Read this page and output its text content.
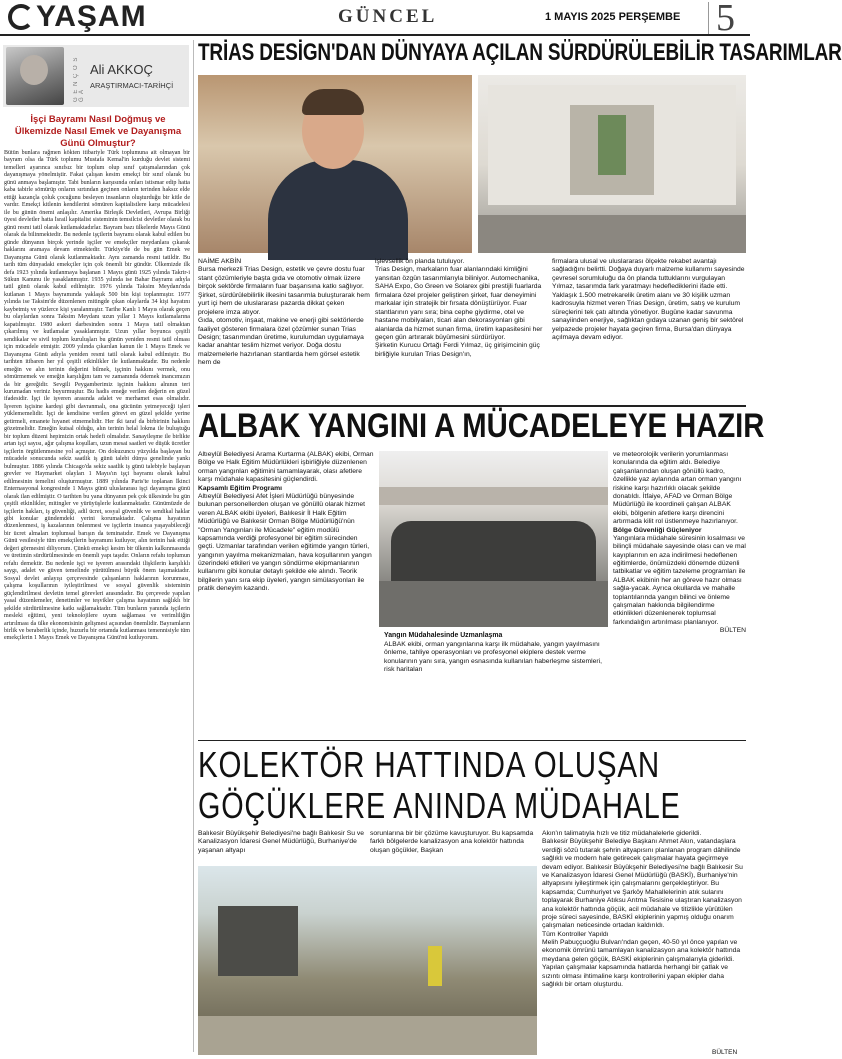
YAŞAM	GÜNCEL	1 MAYIS 2025 PERŞEMBE 5
G E N Ç O S G A
Ali AKKOÇ
ARAŞTIRMACI-TARİHÇİ
İşçi Bayramı Nasıl Doğmuş ve Ülkemizde Nasıl Emek ve Dayanışma Günü Olmuştur?
Bütün bunlara rağmen kökten itibariyle Türk toplumuna ait olmayan bir bayram olsa da Türk toplumu Mustafa Kemal'in kurduğu devlet sistemi temelleri ayarınca sınıfsız bir toplum olup sınıf çatışmalarından çok dayanışmaya yönelmiştir. Fakat çalışan kesim emekçi bir sınıf olarak bu günü anmaya başlamıştır. Tabi bunların karşısında onları istismar edip hatta kaba tabirle sömürüp onların sırtından geçinen onların terinden haksız elde ettiği kazançla çoluk çocuğunu besleyen insanların oluşturduğu bir kitle de vardır. Emekçi kitlenin kendilerini sömüren kapitalistlere karşı mücadelesi ile bu günün önemi anlaşılır. Amerika Birleşik Devletleri, Avrupa Birliği üyesi devletler hatta İsrail kapitalist sisteminin temsilcisi devletler olarak bu günü resmi tatil olarak kutlamaktadırlar. Bayram bazı ülkelerde Mayıs Günü olarak da bilinmektedir. Bu nedenle işçilerin bayramı olarak kabul edilen bu günde dünyanın birçok yerinde işçiler ve emekçiler meydanlara çıkarak haklarını aramaya devam etmektedir. Türkiye'de de bu gün Emek ve Dayanışma Günü olarak kutlanmaktadır. Aynı zamanda resmi tatildir. Bu tarih tüm dünyadaki emekçiler için çok önemli bir gündür. Ülkemizde ilk defa 1923 yılında kutlanmaya başlanan 1 Mayıs günü 1925 yılında Takrir-i Sükun Kanunu ile yasaklanmıştır. 1935 yılında ise Bahar Bayramı adıyla tatil günü olarak kabul edilmiştir. 1976 yılında Taksim Meydanı'nda kutlanan 1 Mayıs bayramında yaklaşık 500 bin kişi toplanmıştır. 1977 yılında ise Taksim'de düzenlenen mitingde çıkan olaylarda 34 kişi hayatını kaybetmiş ve yüzlerce kişi yaralanmıştır. Tarihe Kanlı 1 Mayıs olarak geçen bu olaylardan sonra Taksim Meydanı uzun yıllar 1 Mayıs kutlamalarına kapatılmıştır. 1980 askeri darbesinden sonra 1 Mayıs tatil olmaktan çıkarılmış ve kutlamalar yasaklanmıştır. Uzun yıllar boyunca çeşitli sendikalar ve sivil toplum kuruluşları bu günün yeniden resmi tatil olması için mücadele etmiştir. 2009 yılında çıkarılan kanun ile 1 Mayıs Emek ve Dayanışma Günü adıyla yeniden resmi tatil olarak kabul edilmiştir. Bu tarihten itibaren her yıl çeşitli etkinlikler ile kutlanmaktadır. Bu nedenle emeğin ve alın terinin değerini bilmek, işçinin hakkını vermek, onu sömürmemek ve emeğin karşılığını tam ve zamanında ödemek inancımızın da bir gereğidir. Sevgili Peygamberimiz işçinin hakkını alnının teri kurumadan veriniz buyurmuştur. Bu hadis emeğe verilen değerin en güzel ifadesidir. İşçi ile işveren arasında adalet ve merhamet esas olmalıdır. İşveren işçisine kardeşi gibi davranmalı, ona gücünün yetmeyeceği işleri yüklememelidir. İşçi de kendisine verilen görevi en güzel şekilde yerine getirmeli, emanete hıyanet etmemelidir. Her iki taraf da birbirinin hakkını gözetmelidir. Emeğin kutsal olduğu, alın terinin helal lokma ile buluştuğu bir toplum düzeni hepimizin ortak hedefi olmalıdır. Sanayileşme ile birlikte artan işçi sayısı, ağır çalışma koşulları, uzun mesai saatleri ve düşük ücretler işçilerin örgütlenmesine yol açmıştır. On dokuzuncu yüzyılda başlayan bu mücadele sonucunda sekiz saatlik iş günü talebi dünya genelinde yankı bulmuştur. 1886 yılında Chicago'da sekiz saatlik iş günü talebiyle başlayan grevler ve Haymarket olayları 1 Mayıs'ın işçi bayramı olarak kabul edilmesinin temelini oluşturmuştur. 1889 yılında Paris'te toplanan İkinci Enternasyonal kongresinde 1 Mayıs günü uluslararası işçi dayanışma günü olarak ilan edilmiştir. O tarihten bu yana dünyanın pek çok ülkesinde bu gün çeşitli etkinlikler, mitingler ve yürüyüşlerle kutlanmaktadır. Günümüzde de işçilerin hakları, iş güvenliği, adil ücret, sosyal güvenlik ve sendikal haklar gibi konular gündemdeki yerini korumaktadır. Çalışma hayatının düzenlenmesi, iş kazalarının önlenmesi ve işçilerin insanca yaşayabileceği bir ücret almaları toplumsal barışın da teminatıdır. Emek ve Dayanışma Günü vesilesiyle tüm emekçilerin bayramını kutluyor, alın terinin hak ettiği değeri görmesini diliyorum. Çünkü emekçi kesim bir ülkenin kalkınmasında ve üretimin sürdürülmesinde en önemli yapı taşıdır. Onların refahı toplumun refahı demektir. Bu nedenle işçi ve işveren arasındaki ilişkilerin karşılıklı saygı, adalet ve güven temelinde yürütülmesi büyük önem taşımaktadır. Sosyal devlet anlayışı çerçevesinde çalışanların haklarının korunması, çalışma koşullarının iyileştirilmesi ve sosyal güvenlik sisteminin güçlendirilmesi devletin temel görevleri arasındadır. Bu çerçevede yapılan yasal düzenlemeler, denetimler ve teşvikler çalışma hayatının sağlıklı bir şekilde sürdürülmesine katkı sağlamaktadır. Tüm bunların yanında işçilerin mesleki eğitimi, yeni teknolojilere uyum sağlaması ve verimliliğin artırılması da ülke ekonomisinin gelişmesi açısından önemlidir. Bayramların birlik ve beraberlik içinde, huzurlu bir ortamda kutlanması temennisiyle tüm emekçilerin 1 Mayıs Emek ve Dayanışma Günü'nü kutluyorum.
TRİAS DESİGN'DAN DÜNYAYA AÇILAN SÜRDÜRÜLEBİLİR TASARIMLAR

NAİME AKBİN

Bursa merkezli Trias Design, estetik ve çevre dostu fuar stant çözümleriyle başta gıda ve otomotiv olmak üzere birçok sektörde firmaların fuar başarısına katkı sağlıyor. Şirket, sürdürülebilirlik ilkesini tasarımla buluşturarak hem yurt içi hem de uluslararası pazarda dikkat çeken projelere imza atıyor.
Gıda, otomotiv, inşaat, makine ve enerji gibi sektörlerde faaliyet gösteren firmalara özel çözümler sunan Trias Design; tasarımından üretime, kurulumdan uygulamaya kadar anahtar teslim hizmet veriyor. Doğa dostu malzemelerle hazırlanan stantlarda hem görsel estetik hem de

işlevsellik ön planda tutuluyor.
Trias Design, markaların fuar alanlarındaki kimliğini yansıtan özgün tasarımlarıyla biliniyor. Automechanika, SAHA Expo, Go Green ve Solarex gibi prestijli fuarlarda firmalara özel projeler geliştiren şirket, fuar deneyimini markalar için stratejik bir fırsata dönüştürüyor. Fuar stantlarının yanı sıra; bina cephe giydirme, otel ve hastane mobilyaları, ticari alan dekorasyonları gibi alanlarda da hizmet sunan firma, üretim kapasitesini her geçen gün artırarak büyümesini sürdürüyor.
Şirketin Kurucu Ortağı Ferdi Yılmaz, üç girişimcinin güç birliğiyle kurulan Trias Design'ın,
firmalara ulusal ve uluslararası ölçekte rekabet avantajı sağladığını belirtti. Doğaya duyarlı malzeme kullanımı sayesinde çevresel sorumluluğu da ön planda tuttuklarını vurgulayan Yılmaz, tasarımda fark yaratmayı hedeflediklerini ifade etti.
Yaklaşık 1.500 metrekarelik üretim alanı ve 30 kişilik uzman kadrosuyla hizmet veren Trias Design, üretim, satış ve kurulum süreçlerini tek çatı altında yönetiyor. Bugüne kadar savunma sanayiinden enerjiye, sağlıktan gıdaya uzanan geniş bir sektörel yelpazede projeler hayata geçiren firma, Bursa'dan dünyaya açılmaya devam ediyor.
ALBAK YANGINI A MÜCADELEYE HAZIR

Altıeylül Belediyesi Arama Kurtarma (ALBAK) ekibi, Orman Bölge ve Halk Eğitim Müdürlükleri işbirliğiyle düzenlenen orman yangınları eğitimini tamamlayarak, olası afetlere karşı müdahale kapasitesini güçlendirdi.

Kapsamlı Eğitim Programı

Altıeylül Belediyesi Afet İşleri Müdürlüğü bünyesinde bulunan personellerden oluşan ve gönüllü olarak hizmet veren ALBAK ekibi üyeleri, Balıkesir İl Halk Eğitim Müdürlüğü ve Balıkesir Orman Bölge Müdürlüğü'nün "Orman Yangınları ile Mücadele" eğitim modülü kapsamında verdiği profesyonel bir eğitim sürecinden geçti. Uzmanlar tarafından verilen eğitimde yangın türleri, yangının yayılma mekanizmaları, hava koşullarının yangın üzerindeki etkileri ve yangın söndürme ekipmanlarının kullanımı gibi konular detaylı şekilde ele alındı. Teorik bilgilerin yanı sıra ekip üyeleri, yangın simülasyonları ile pratik deneyim kazandı.

Yangın Müdahalesinde Uzmanlaşma
ALBAK ekibi, orman yangınlarına karşı ilk müdahale, yangın yayılmasını önleme, tahliye operasyonları ve profesyonel ekiplere destek verme konularının yanı sıra, yangın esnasında kullanılan haberleşme sistemleri, risk haritaları

ve meteorolojik verilerin yorumlanması konularında da eğitim aldı. Belediye çalışanlarından oluşan gönüllü kadro, özellikle yaz aylarında artan orman yangını riskine karşı hazırlıklı olacak şekilde donatıldı. İtfaiye, AFAD ve Orman Bölge Müdürlüğü ile koordineli çalışan ALBAK ekibi, bölgenin afetlere karşı direncini artırmada kilit rol üstlenmeye hazırlanıyor.

Bölge Güvenliği Güçleniyor

Yangınlara müdahale süresinin kısalması ve bilinçli müdahale sayesinde olası can ve mal kayıplarının en aza indirilmesi hedeflenen eğitimlerde, önümüzdeki dönemde düzenli tatbikatlar ve eğitim tazeleme programları ile ALBAK ekibinin her an göreve hazır olması sağla-yacak. Ayrıca okullarda ve mahalle toplantılarında yangın bilinci ve önleme çalışmaları hakkında bilgilendirme etkinlikleri düzenlenerek toplumsal farkındalığın artırılması planlanıyor.

BÜLTEN

KOLEKTÖR HATTINDA OLUŞAN
GÖÇÜKLERE ANINDA MÜDAHALE
Balıkesir Büyükşehir Belediyesi'ne bağlı Balıkesir Su ve Kanalizasyon İdaresi Genel Müdürlüğü, Burhaniye'de yaşanan altyapı
sorunlarına bir bir çözüme kavuşturuyor. Bu kapsamda farklı bölgelerde kanalizasyon ana kolektör hattında oluşan göçükler, Başkan
Akın'ın talimatıyla hızlı ve titiz müdahalelerle giderildi.
Balıkesir Büyükşehir Belediye Başkanı Ahmet Akın, vatandaşlara verdiği sözü tutarak şehrin altyapısını planlanan program dâhilinde sağlıklı ve modern hale getirecek çalışmalar hayata geçirmeye devam ediyor. Balıkesir Büyükşehir Belediyesi'ne bağlı Balıkesir Su ve Kanalizasyon İdaresi Genel Müdürlüğü (BASKİ), Burhaniye'nin altyapısını iyileştirmek için çalışmalarını gerçekleştiriyor. Bu kapsamda; Cumhuriyet ve Şarköy Mahallelerinin atık sularını toplayarak Burhaniye Atıksu Arıtma Tesisine ulaştıran kanalizasyon ana kolektör hattında göçük, acil müdahale ve titizlikle yürütülen proje süreci sayesinde, BASKİ ekiplerinin yapmış olduğu onarım çalışmaları neticesinde ortadan kaldırıldı.
Tüm Kontroller Yapıldı
Melih Pabuççuoğlu Bulvarı'ndan geçen, 40-50 yıl önce yapılan ve ekonomik ömrünü tamamlayan kanalizasyon ana kolektör hattında meydana gelen göçük, BASKİ ekiplerinin çalışmalarıyla giderildi. Yapılan çalışmalar kapsamında hatlarda herhangi bir çatlak ve sızıntı olması ihtimaline karşı kontrollerini yapan ekipler daha sağlıklı bir ortam oluşturdu.
BÜLTEN
